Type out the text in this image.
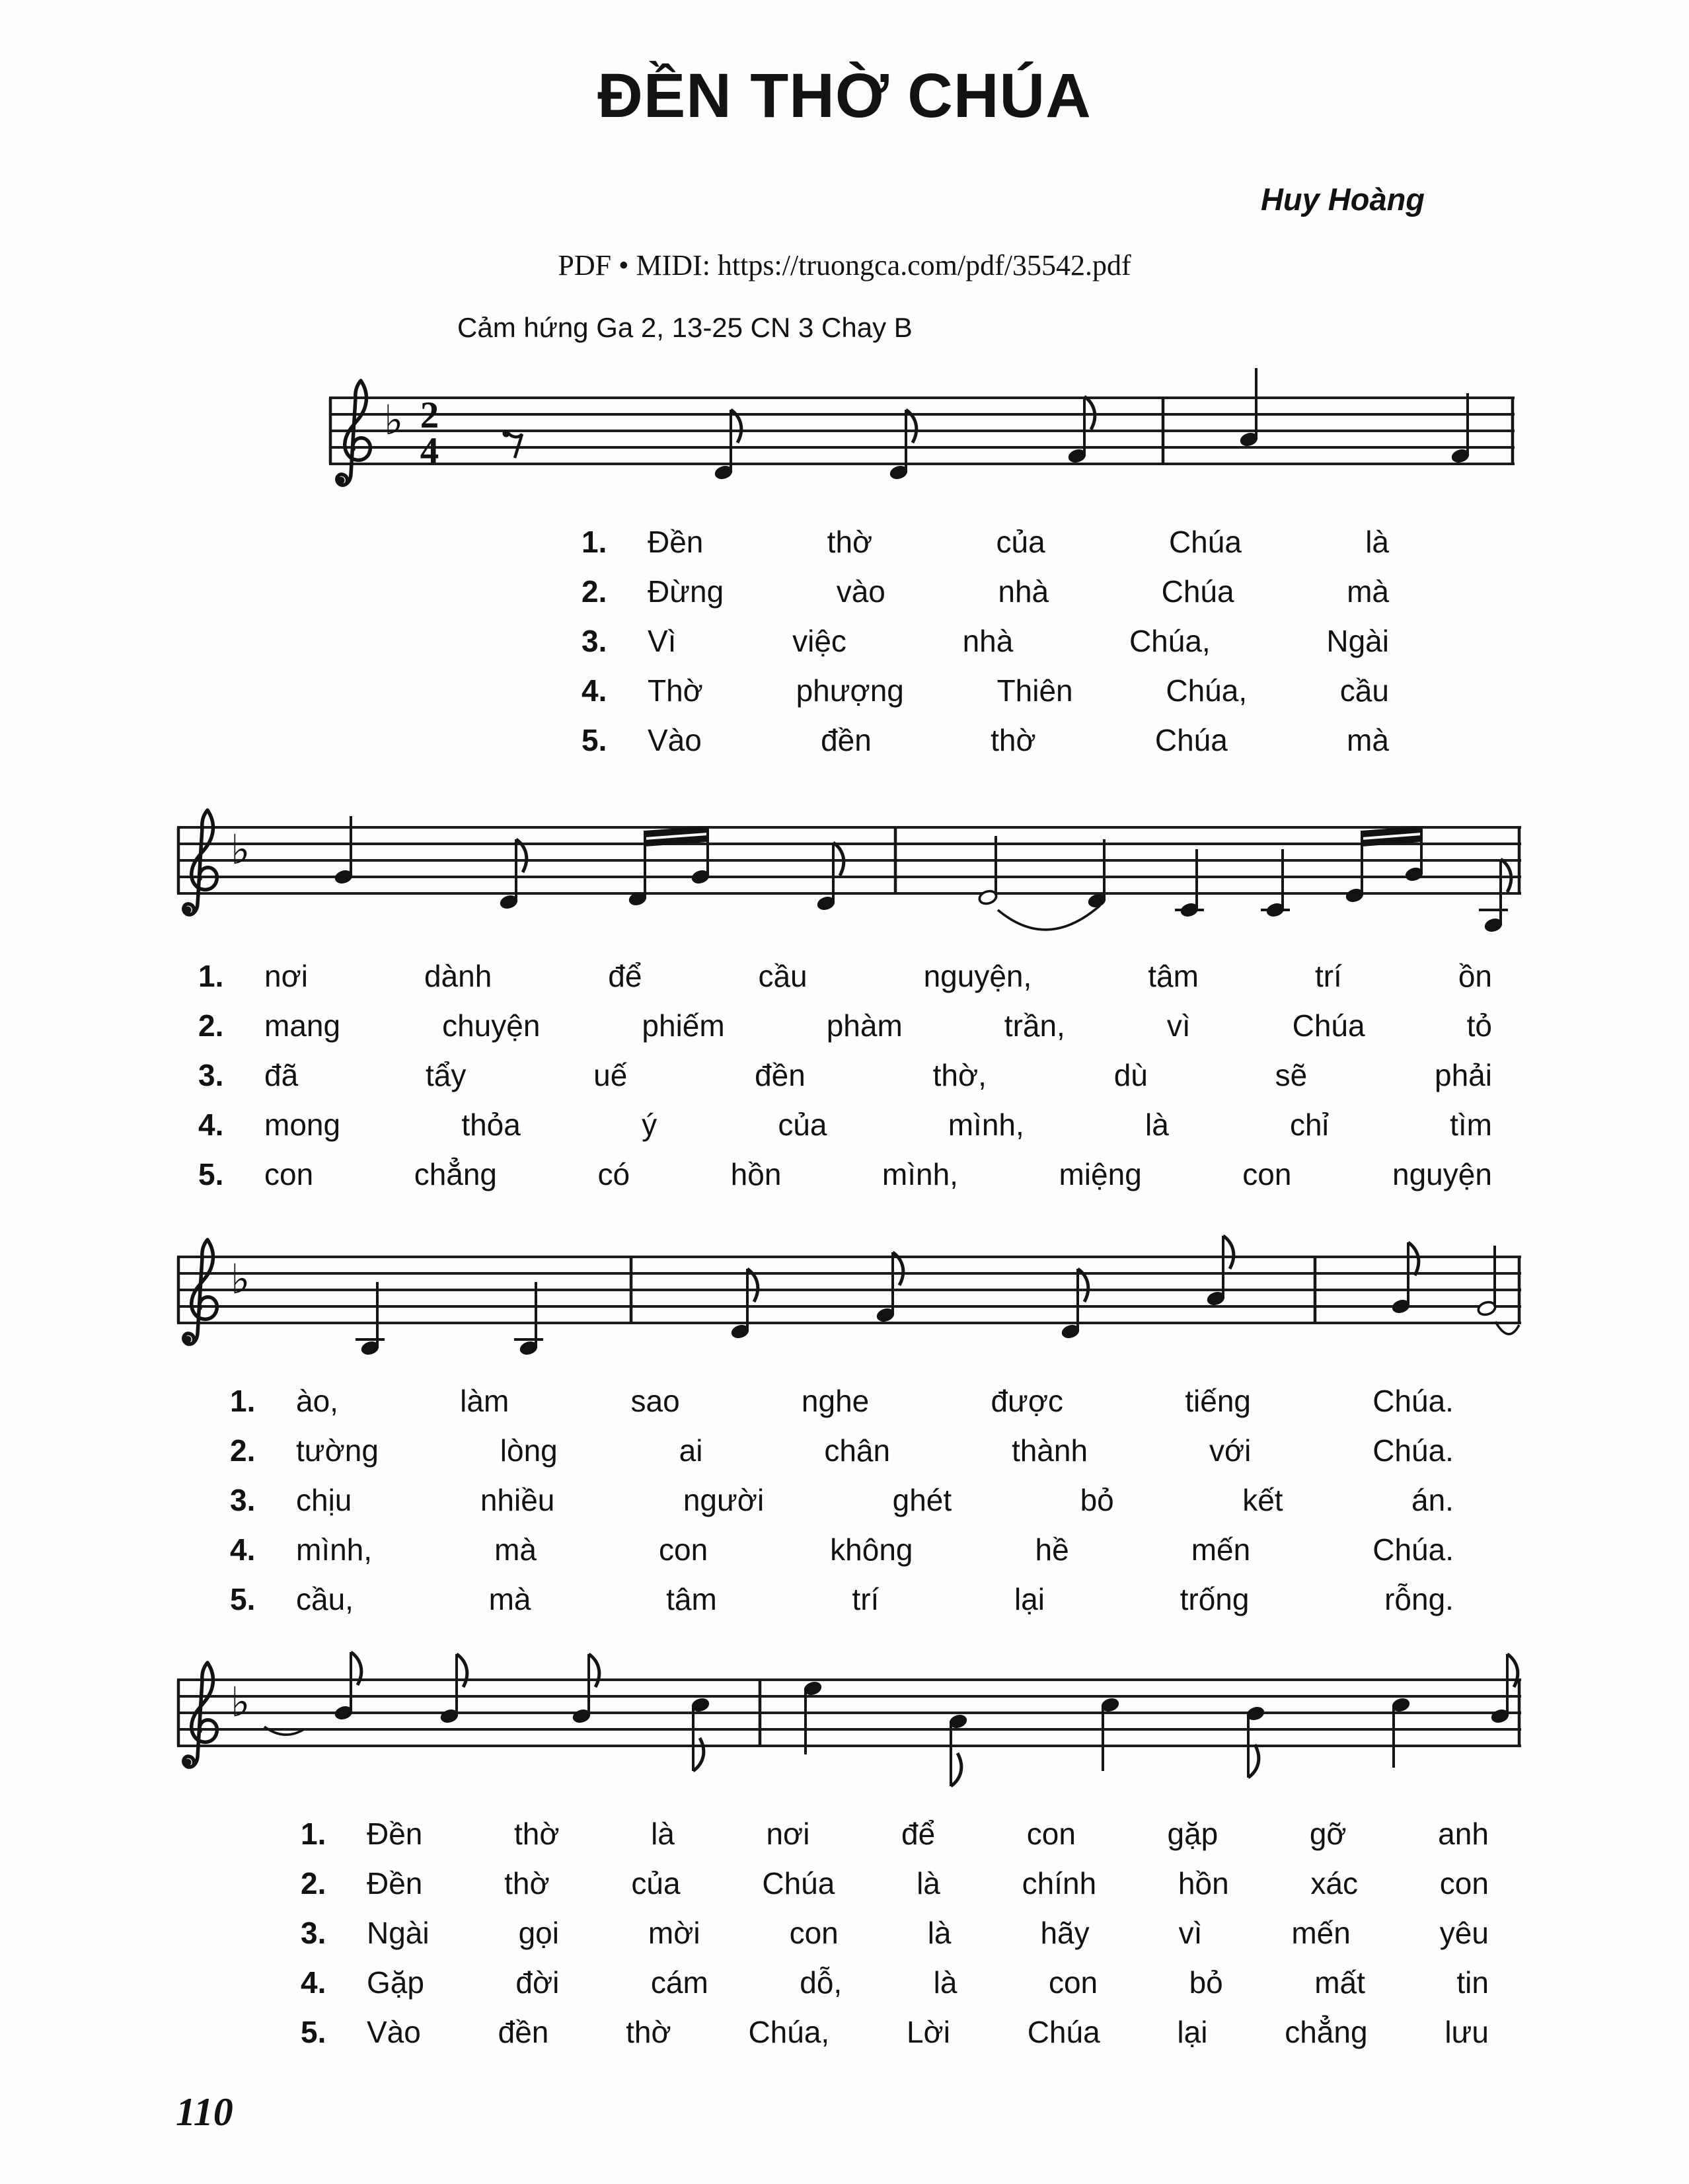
ĐỀN THỜ CHÚA
Huy Hoàng
PDF • MIDI: https://truongca.com/pdf/35542.pdf
Cảm hứng Ga 2, 13-25 CN 3 Chay B
♭ 2
4
1.	Đền	thờ	của	Chúa	là
2.	Đừng	vào	nhà	Chúa	mà
3.	Vì	việc	nhà	Chúa,	Ngài
4.	Thờ	phượng	Thiên	Chúa,	cầu
5.	Vào	đền	thờ	Chúa	mà
♭
1.	nơi	dành	để	cầu	nguyện,	tâm	trí	ồn
2.	mang	chuyện	phiếm	phàm	trần,	vì	Chúa	tỏ
3.	đã	tẩy	uế	đền	thờ,	dù	sẽ	phải
4.	mong	thỏa	ý	của	mình,	là	chỉ	tìm
5.	con	chẳng	có	hồn	mình,	miệng	con	nguyện
♭
1.	ào,	làm	sao	nghe	được	tiếng	Chúa.
2.	tường	lòng	ai	chân	thành	với	Chúa.
3.	chịu	nhiều	người	ghét	bỏ	kết	án.
4.	mình,	mà	con	không	hề	mến	Chúa.
5.	cầu,	mà	tâm	trí	lại	trống	rỗng.
♭
1.	Đền	thờ	là	nơi	để	con	gặp	gỡ	anh
2.	Đền	thờ	của	Chúa	là	chính	hồn	xác	con
3.	Ngài	gọi	mời	con	là	hãy	vì	mến	yêu
4.	Gặp	đời	cám	dỗ,	là	con	bỏ	mất	tin
5.	Vào	đền	thờ	Chúa,	Lời	Chúa	lại	chẳng	lưu
110
